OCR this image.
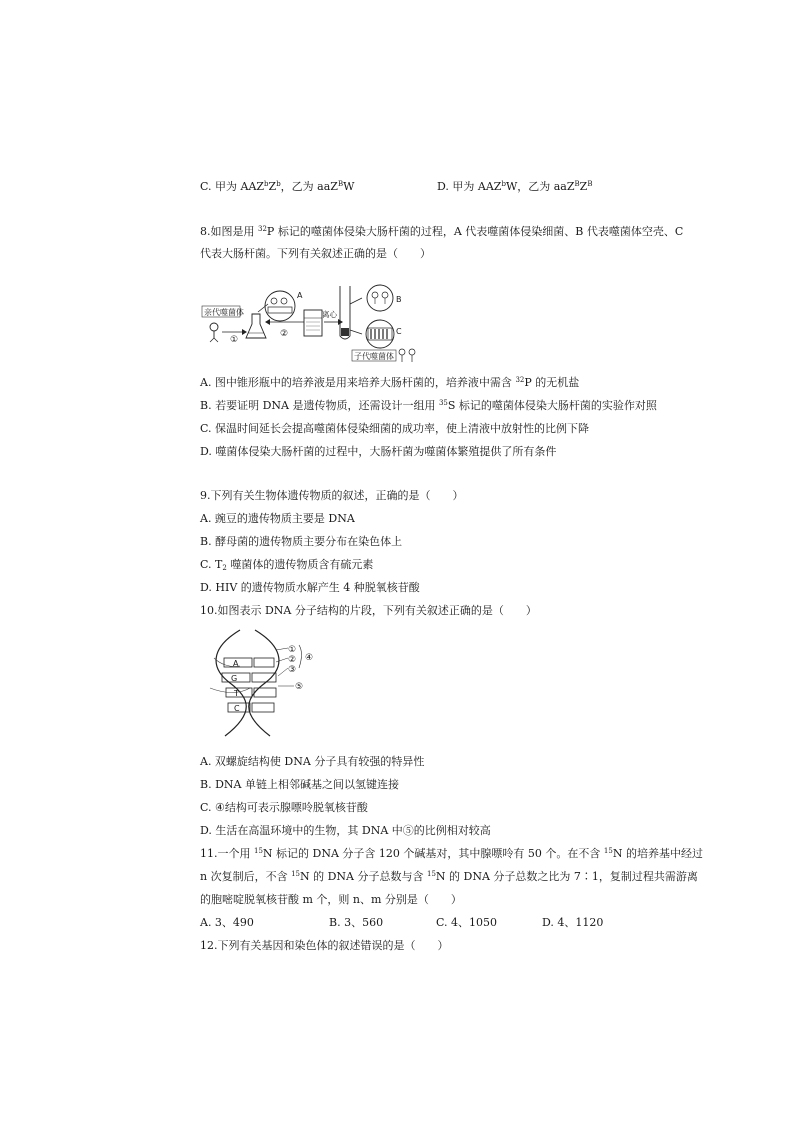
C. 甲为 $AAZ^bZ^b$，乙为 aaZ$^B$W	D. 甲为 AAZ$^b$W，乙为 $aaZ^BZ^B$
8.如图是用 $^{32}$P 标记的噬菌体侵染大肠杆菌的过程，A 代表噬菌体侵染细菌、B 代表噬菌体空壳、C
代表大肠杆菌。下列有关叙述正确的是（　　）
亲代噬菌体
①
A
②
离心
B
C
子代噬菌体
A. 图中锥形瓶中的培养液是用来培养大肠杆菌的，培养液中需含 $^{32}$P 的无机盐
B. 若要证明 DNA 是遗传物质，还需设计一组用 $^{35}$S 标记的噬菌体侵染大肠杆菌的实验作对照
C. 保温时间延长会提高噬菌体侵染细菌的成功率，使上清液中放射性的比例下降
D. 噬菌体侵染大肠杆菌的过程中，大肠杆菌为噬菌体繁殖提供了所有条件
9.下列有关生物体遗传物质的叙述，正确的是（　　）
A. 豌豆的遗传物质主要是 DNA
B. 酵母菌的遗传物质主要分布在染色体上
C. $T_2$ 噬菌体的遗传物质含有硫元素
D. HIV 的遗传物质水解产生 4 种脱氧核苷酸
10.如图表示 DNA 分子结构的片段，下列有关叙述正确的是（　　）
A
G
T
C
①
②
③
④
⑤
A. 双螺旋结构使 DNA 分子具有较强的特异性
B. DNA 单链上相邻碱基之间以氢键连接
C. ④结构可表示腺嘌呤脱氧核苷酸
D. 生活在高温环境中的生物，其 DNA 中⑤的比例相对较高
11.一个用 $^{15}$N 标记的 DNA 分子含 120 个碱基对，其中腺嘌呤有 50 个。在不含 $^{15}$N 的培养基中经过
n 次复制后，不含 $^{15}$N 的 DNA 分子总数与含 $^{15}$N 的 DNA 分子总数之比为 7∶1，复制过程共需游离
的胞嘧啶脱氧核苷酸 m 个，则 n、m 分别是（　　）
A. 3、490	B. 3、560	C. 4、1050	D. 4、1120
12.下列有关基因和染色体的叙述错误的是（　　）
